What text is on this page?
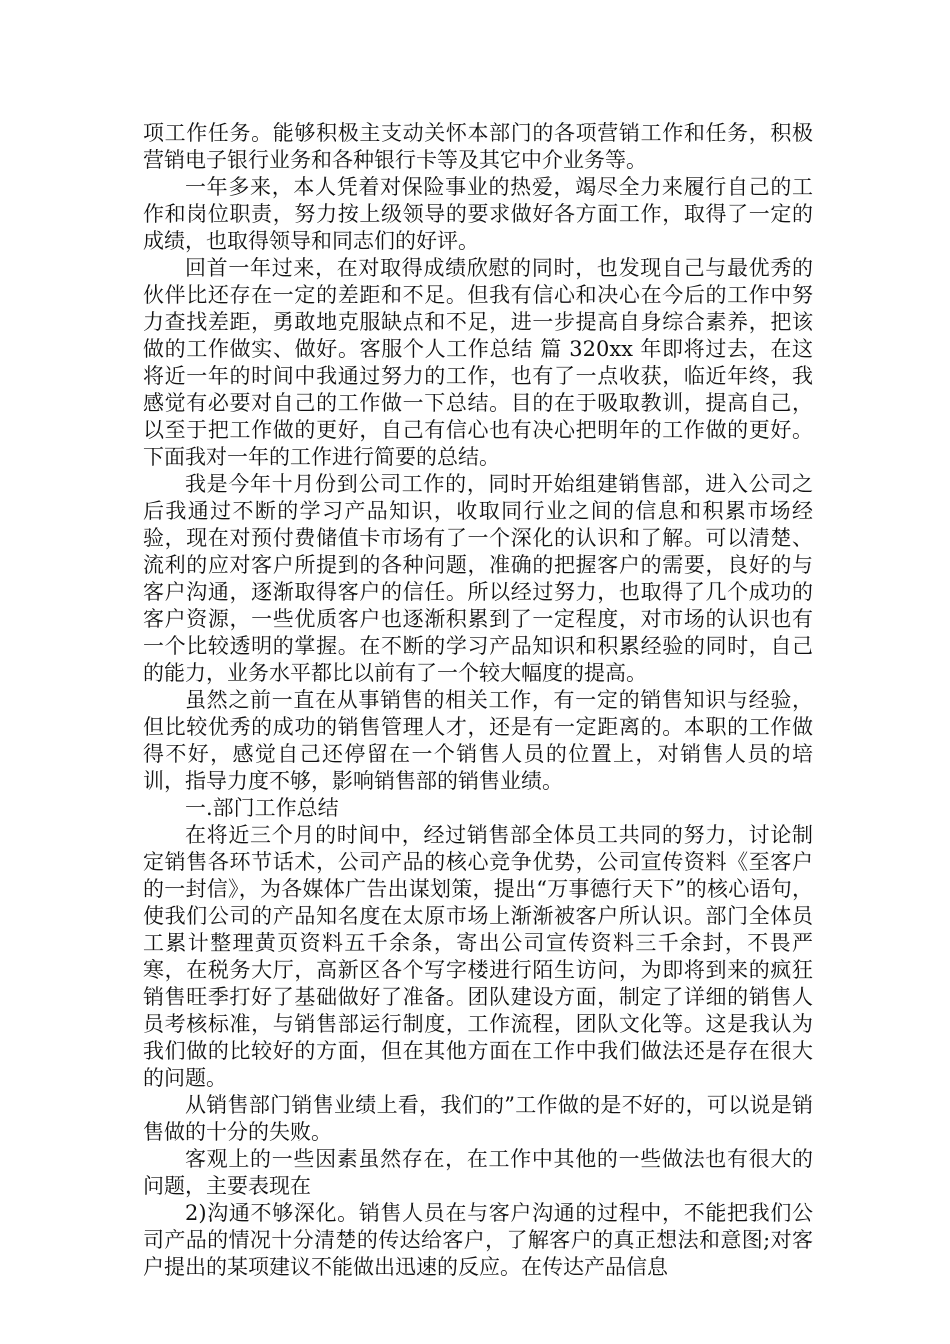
项工作任务。能够积极主支动关怀本部门的各项营销工作和任务，积极营销电子银行业务和各种银行卡等及其它中介业务等。

一年多来，本人凭着对保险事业的热爱，竭尽全力来履行自己的工作和岗位职责，努力按上级领导的要求做好各方面工作，取得了一定的成绩，也取得领导和同志们的好评。

回首一年过来，在对取得成绩欣慰的同时，也发现自己与最优秀的伙伴比还存在一定的差距和不足。但我有信心和决心在今后的工作中努力查找差距，勇敢地克服缺点和不足，进一步提高自身综合素养，把该做的工作做实、做好。客服个人工作总结 篇 320xx 年即将过去，在这将近一年的时间中我通过努力的工作，也有了一点收获，临近年终，我感觉有必要对自己的工作做一下总结。目的在于吸取教训，提高自己，以至于把工作做的更好，自己有信心也有决心把明年的工作做的更好。下面我对一年的工作进行简要的总结。

我是今年十月份到公司工作的，同时开始组建销售部，进入公司之后我通过不断的学习产品知识，收取同行业之间的信息和积累市场经验，现在对预付费储值卡市场有了一个深化的认识和了解。可以清楚、流利的应对客户所提到的各种问题，准确的把握客户的需要，良好的与客户沟通，逐渐取得客户的信任。所以经过努力，也取得了几个成功的客户资源，一些优质客户也逐渐积累到了一定程度，对市场的认识也有一个比较透明的掌握。在不断的学习产品知识和积累经验的同时，自己的能力，业务水平都比以前有了一个较大幅度的提高。

虽然之前一直在从事销售的相关工作，有一定的销售知识与经验，但比较优秀的成功的销售管理人才，还是有一定距离的。本职的工作做得不好，感觉自己还停留在一个销售人员的位置上，对销售人员的培训，指导力度不够，影响销售部的销售业绩。

一.部门工作总结

在将近三个月的时间中，经过销售部全体员工共同的努力，讨论制定销售各环节话术，公司产品的核心竞争优势，公司宣传资料《至客户的一封信》，为各媒体广告出谋划策，提出“万事德行天下”的核心语句，使我们公司的产品知名度在太原市场上渐渐被客户所认识。部门全体员工累计整理黄页资料五千余条，寄出公司宣传资料三千余封，不畏严寒，在税务大厅，高新区各个写字楼进行陌生访问，为即将到来的疯狂销售旺季打好了基础做好了准备。团队建设方面，制定了详细的销售人员考核标准，与销售部运行制度，工作流程，团队文化等。这是我认为我们做的比较好的方面，但在其他方面在工作中我们做法还是存在很大的问题。

从销售部门销售业绩上看，我们的”工作做的是不好的，可以说是销售做的十分的失败。

客观上的一些因素虽然存在，在工作中其他的一些做法也有很大的问题，主要表现在

2)沟通不够深化。销售人员在与客户沟通的过程中，不能把我们公司产品的情况十分清楚的传达给客户，了解客户的真正想法和意图;对客户提出的某项建议不能做出迅速的反应。在传达产品信息
